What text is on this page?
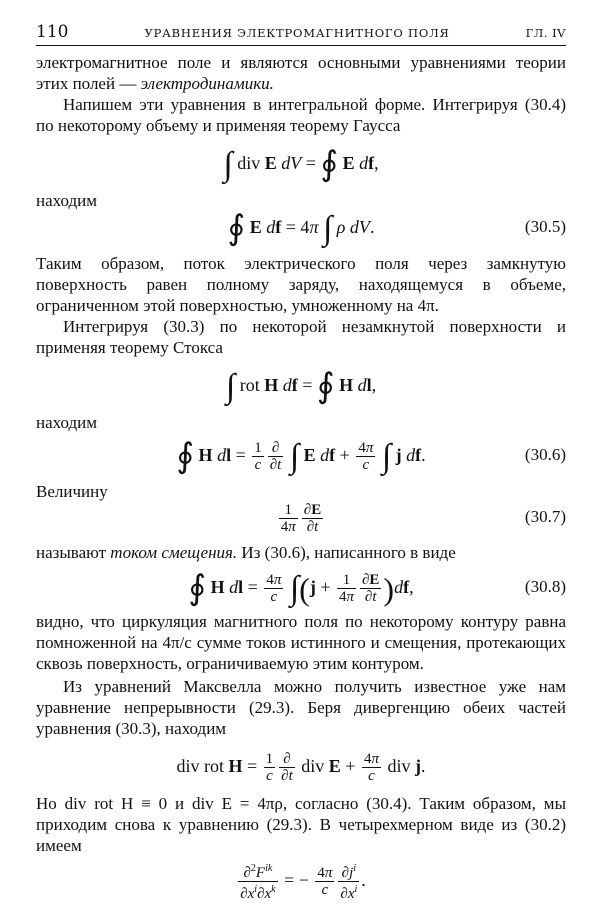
110	УРАВНЕНИЯ ЭЛЕКТРОМАГНИТНОГО ПОЛЯ	ГЛ. IV

электромагнитное поле и являются основными уравнениями теории этих полей — электродинамики.

Напишем эти уравнения в интегральной форме. Интегрируя (30.4) по некоторому объему и применяя теорему Гаусса

∫ div E dV = ∮ E df,

находим

∮ E df = 4π ∫ ρ dV.	(30.5)

Таким образом, поток электрического поля через замкнутую поверхность равен полному заряду, находящемуся в объеме, ограниченном этой поверхностью, умноженному на 4π.

Интегрируя (30.3) по некоторой незамкнутой поверхности и применяя теорему Стокса

∫ rot H df = ∮ H dl,

находим

∮ H dl = $\frac{1}{c}$ ∂
∂t ∫ E df + $\frac{4\pi}{c}$ ∫ j df.	(30.6)

Величину

$\frac{1}{4\pi} \frac{\partial E}{\partial t}$	(30.7)

называют током смещения. Из (30.6), написанного в виде

∮ H dl = $\frac{4\pi}{c} \int(j + \frac{1}{4\pi} \frac{\partial E}{\partial t} )df$,	(30.8)

видно, что циркуляция магнитного поля по некоторому контуру равна помноженной на 4π/c сумме токов истинного и смещения, протекающих сквозь поверхность, ограничиваемую этим контуром.

Из уравнений Максвелла можно получить известное уже нам уравнение непрерывности (29.3). Беря дивергенцию обеих частей уравнения (30.3), находим

div rot $H = \frac{1}{c}$ ∂
∂t
div $E + \frac{4\pi}{c}$ div j.

Но div rot H ≡ 0 и div E = 4πρ, согласно (30.4). Таким образом, мы приходим снова к уравнению (29.3). В четырехмерном виде из (30.2) имеем

$\partial^2F^{ik}$
$\partial x^i\partial x^k$ = − $\frac{4\pi}{c} \frac{\partial j^i}{\partial x^i}$ .
